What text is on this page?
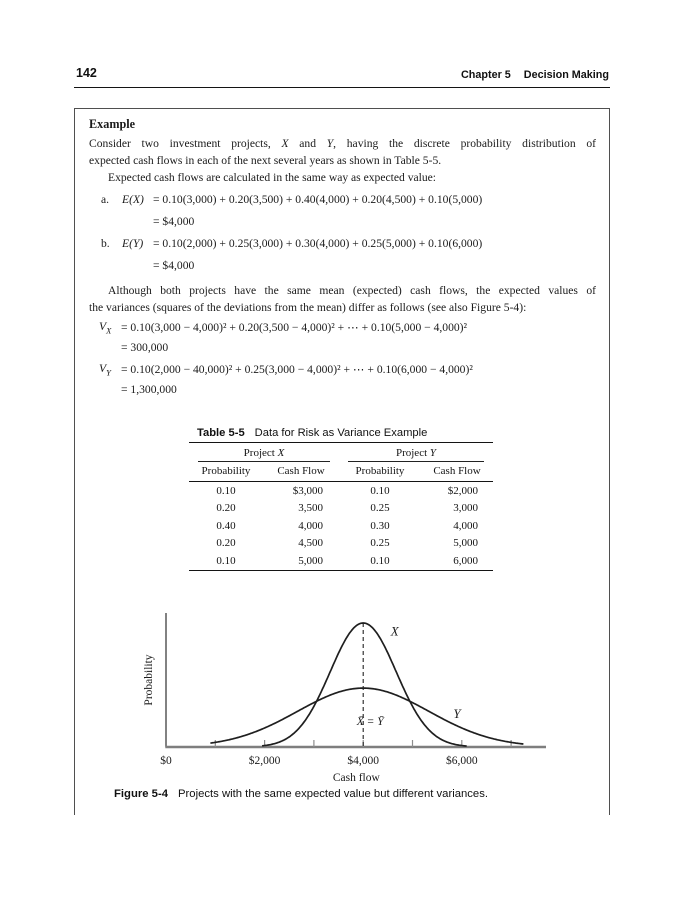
142	Chapter 5 Decision Making
Example
Consider two investment projects, X and Y, having the discrete probability distribution of
expected cash flows in each of the next several years as shown in Table 5-5.
Expected cash flows are calculated in the same way as expected value:
a. E(X) = 0.10(3,000) + 0.20(3,500) + 0.40(4,000) + 0.20(4,500) + 0.10(5,000)
= $4,000
b. E(Y) = 0.10(2,000) + 0.25(3,000) + 0.30(4,000) + 0.25(5,000) + 0.10(6,000)
= $4,000
Although both projects have the same mean (expected) cash flows, the expected values of
the variances (squares of the deviations from the mean) differ as follows (see also Figure 5-4):
$V_X = 0.10(3,000 - 4,000)^2 + 0.20(3,500 - 4,000)^2$ + ⋯ + 0.10(5,000 − 4,000)²
= 300,000
$V_Y = 0.10(2,000 - 40,000)^2 + 0.25(3,000 - 4,000)^2$ + ⋯ + 0.10(6,000 − 4,000)²
= 1,300,000
Table 5-5 Data for Risk as Variance Example
Project X		Project Y	

Probability	Cash Flow	Probability	Cash Flow
0.10	$3,000	0.10	$2,000
0.20	3,500	0.25	3,000
0.40	4,000	0.30	4,000
0.20	4,500	0.25	5,000
0.10	5,000	0.10	6,000
X
Y
X̄ = Ȳ
$0	$2,000	$4,000	$6,000
Cash flow
Probability
Figure 5-4 Projects with the same expected value but different variances.
